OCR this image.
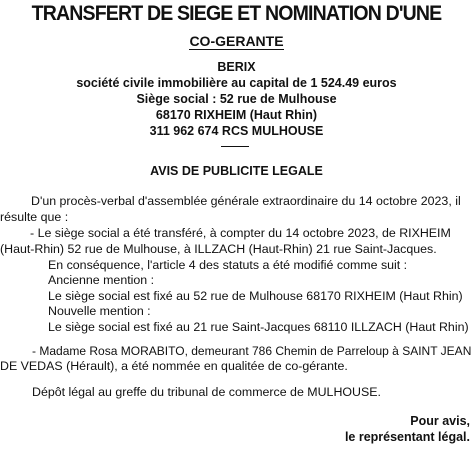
TRANSFERT DE SIEGE ET NOMINATION D'UNE
CO-GERANTE
BERIX
société civile immobilière au capital de 1 524.49 euros
Siège social : 52 rue de Mulhouse
68170 RIXHEIM (Haut Rhin)
311 962 674 RCS MULHOUSE
AVIS DE PUBLICITE LEGALE
D'un procès-verbal d'assemblée générale extraordinaire du 14 octobre 2023, il
résulte que :
- Le siège social a été transféré, à compter du 14 octobre 2023, de RIXHEIM
(Haut-Rhin) 52 rue de Mulhouse, à ILLZACH (Haut-Rhin) 21 rue Saint-Jacques.
En conséquence, l'article 4 des statuts a été modifié comme suit :
Ancienne mention :
Le siège social est fixé au 52 rue de Mulhouse 68170 RIXHEIM (Haut Rhin)
Nouvelle mention :
Le siège social est fixé au 21 rue Saint-Jacques 68110 ILLZACH (Haut Rhin)
- Madame Rosa MORABITO, demeurant 786 Chemin de Parreloup à SAINT JEAN
DE VEDAS (Hérault), a été nommée en qualitée de co-gérante.
Dépôt légal au greffe du tribunal de commerce de MULHOUSE.
Pour avis,
le représentant légal.
